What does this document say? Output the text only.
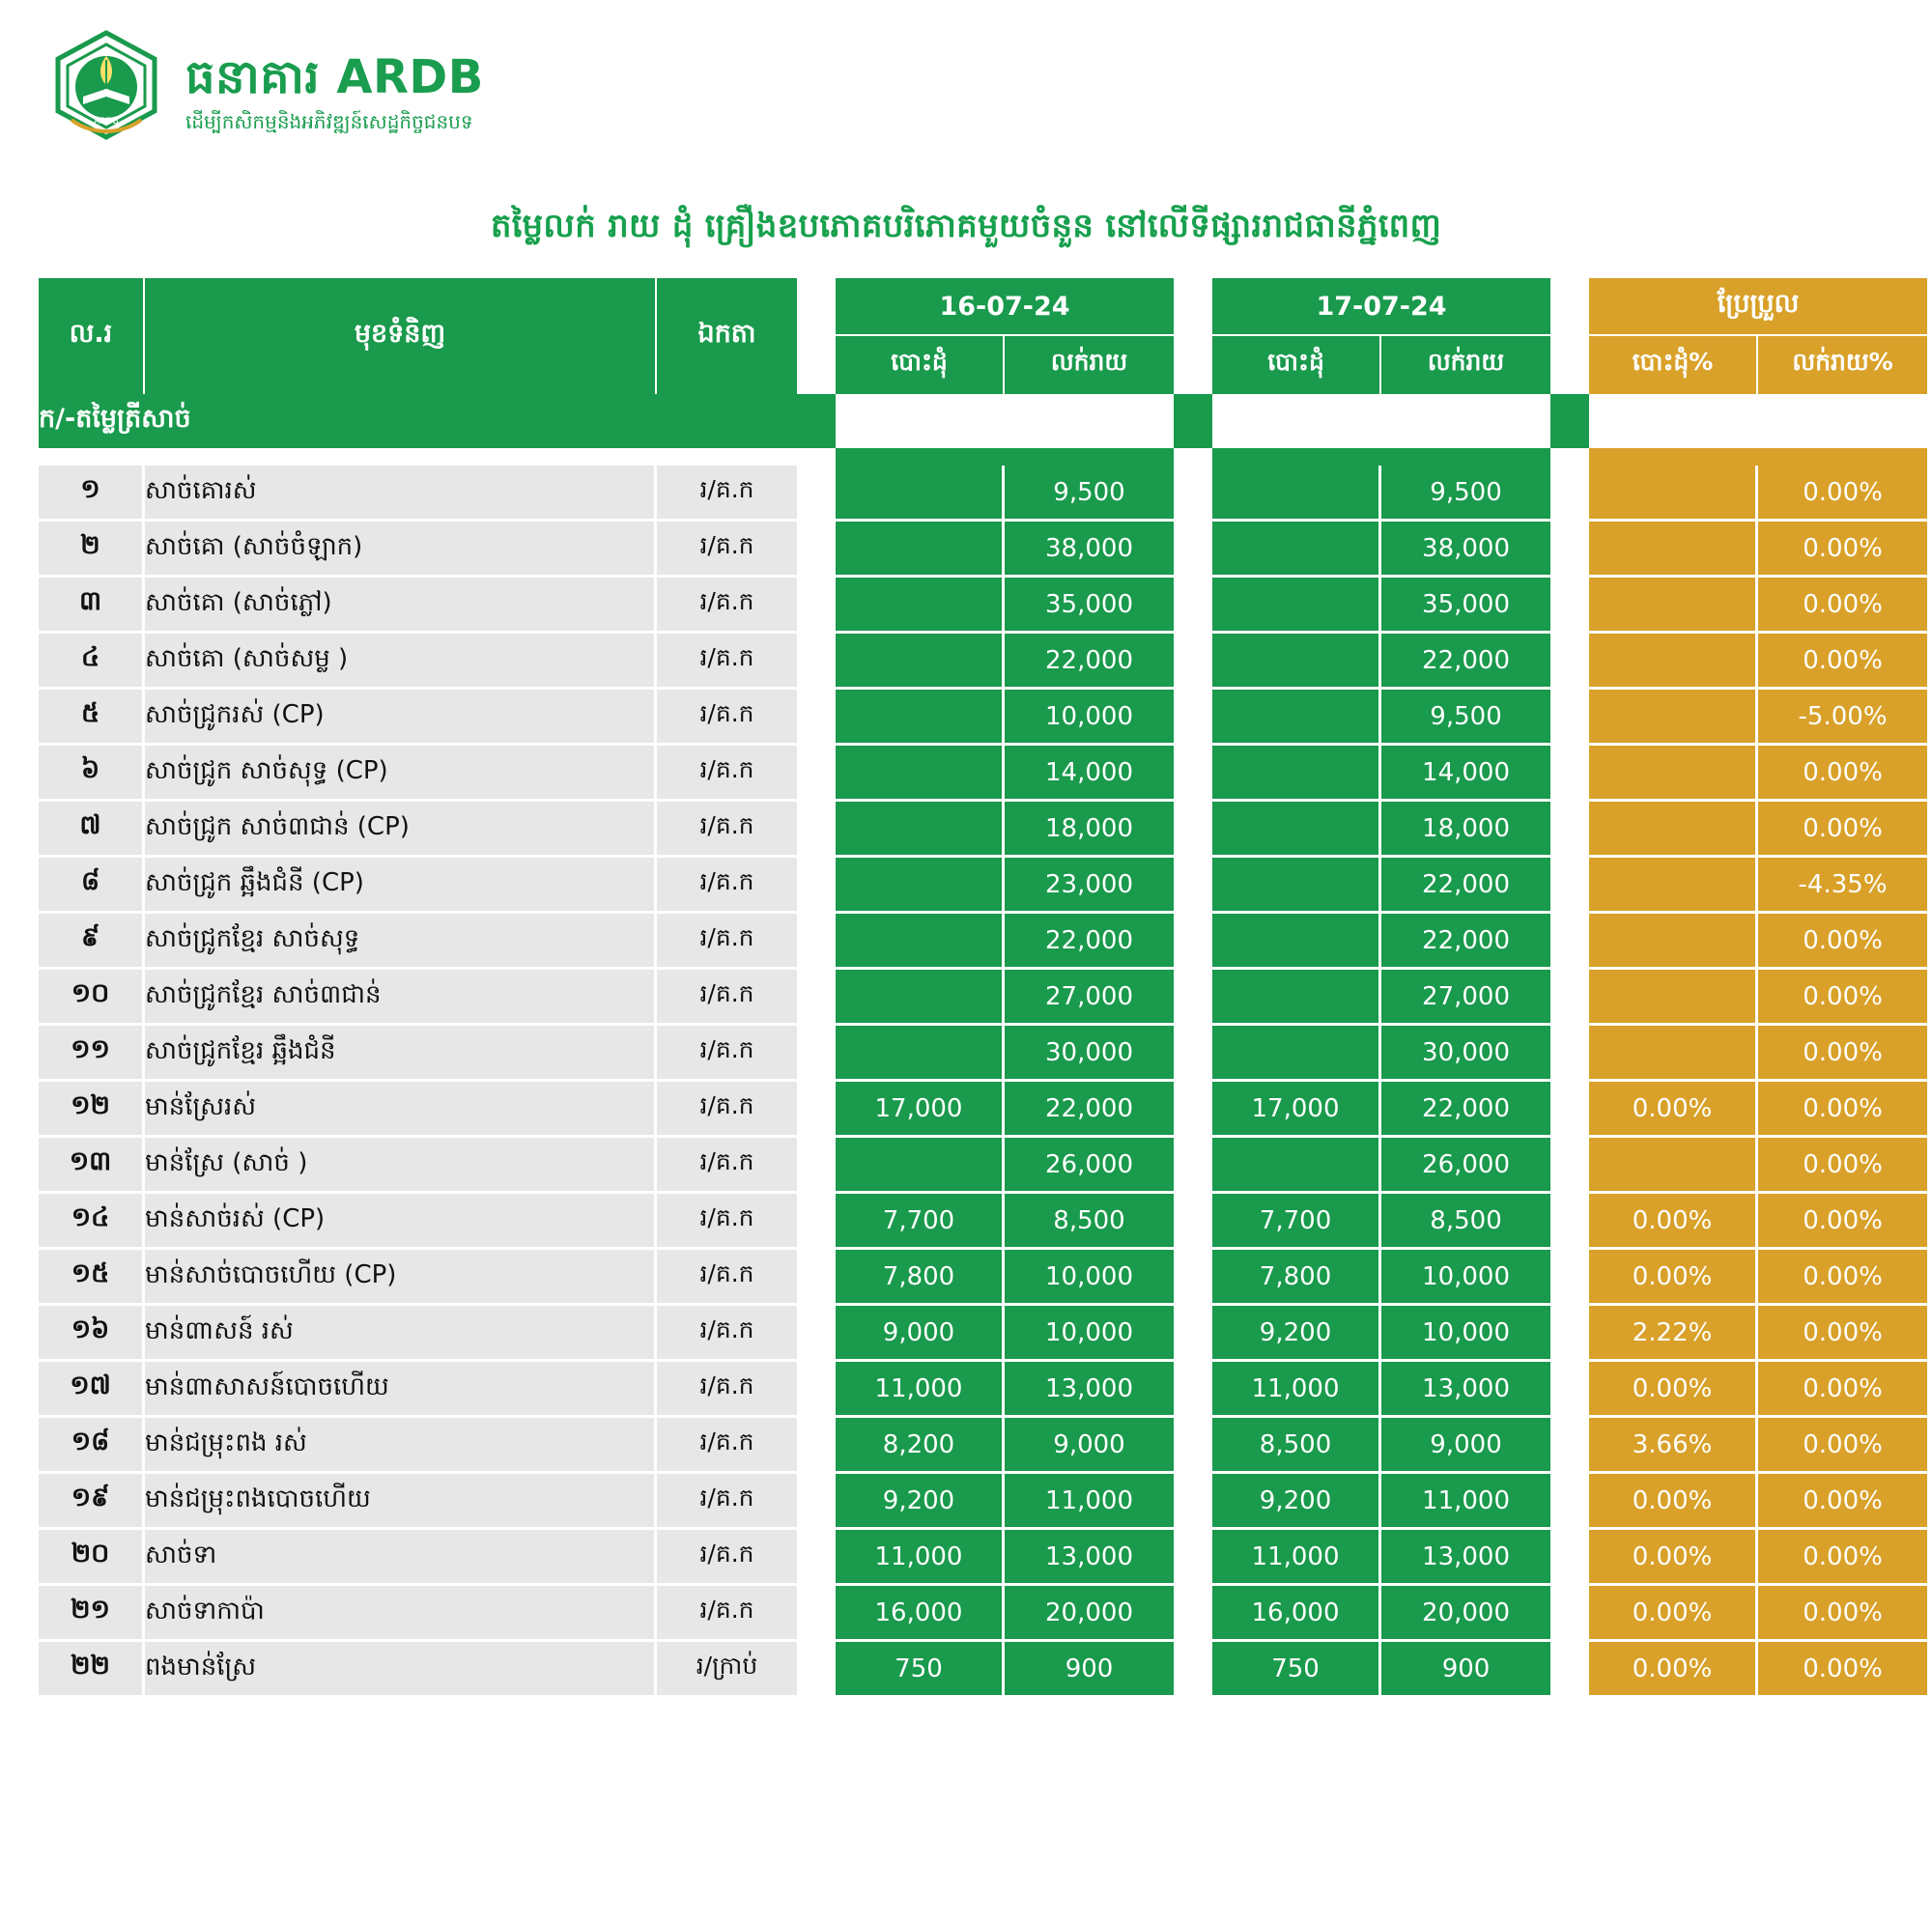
ARDB
ធនាគារ ARDB
ដើម្បីកសិកម្មនិងអភិវឌ្ឍន៍សេដ្ឋកិច្ចជនបទ
តម្លៃលក់ រាយ ដុំ គ្រឿងឧបភោគបរិភោគមួយចំនួន នៅលើទីផ្សាររាជធានីភ្នំពេញ
ល.រ	មុខទំនិញ	ឯកតា		16-07-24			17-07-24			ប្រែប្រួល	
				បោះដុំ	លក់រាយ		បោះដុំ	លក់រាយ		បោះដុំ%	លក់រាយ%
ក/-តម្លៃត្រីសាច់											

១	សាច់គោរស់	រ/គ.ក			9,500			9,500			0.00%
២	សាច់គោ (សាច់ចំឡាក)	រ/គ.ក			38,000			38,000			0.00%
៣	សាច់គោ (សាច់ភ្លៅ)	រ/គ.ក			35,000			35,000			0.00%
៤	សាច់គោ (សាច់សម្ល )	រ/គ.ក			22,000			22,000			0.00%
៥	សាច់ជ្រូករស់ (CP)	រ/គ.ក			10,000			9,500			-5.00%
៦	សាច់ជ្រូក សាច់សុទ្ធ (CP)	រ/គ.ក			14,000			14,000			0.00%
៧	សាច់ជ្រូក សាច់៣ជាន់ (CP)	រ/គ.ក			18,000			18,000			0.00%
៨	សាច់ជ្រូក ឆ្អឹងជំនី (CP)	រ/គ.ក			23,000			22,000			-4.35%
៩	សាច់ជ្រូកខ្មែរ សាច់សុទ្ធ	រ/គ.ក			22,000			22,000			0.00%
១០	សាច់ជ្រូកខ្មែរ សាច់៣ជាន់	រ/គ.ក			27,000			27,000			0.00%
១១	សាច់ជ្រូកខ្មែរ ឆ្អឹងជំនី	រ/គ.ក			30,000			30,000			0.00%
១២	មាន់ស្រែរស់	រ/គ.ក		17,000	22,000		17,000	22,000		0.00%	0.00%
១៣	មាន់ស្រែ (សាច់ )	រ/គ.ក			26,000			26,000			0.00%
១៤	មាន់សាច់រស់ (CP)	រ/គ.ក		7,700	8,500		7,700	8,500		0.00%	0.00%
១៥	មាន់សាច់បោចហើយ (CP)	រ/គ.ក		7,800	10,000		7,800	10,000		0.00%	0.00%
១៦	មាន់៣ាសន៍ រស់	រ/គ.ក		9,000	10,000		9,200	10,000		2.22%	0.00%
១៧	មាន់៣ាសាសន៍បោចហើយ	រ/គ.ក		11,000	13,000		11,000	13,000		0.00%	0.00%
១៨	មាន់ជម្រុះពង រស់	រ/គ.ក		8,200	9,000		8,500	9,000		3.66%	0.00%
១៩	មាន់ជម្រុះពងបោចហើយ	រ/គ.ក		9,200	11,000		9,200	11,000		0.00%	0.00%
២០	សាច់ទា	រ/គ.ក		11,000	13,000		11,000	13,000		0.00%	0.00%
២១	សាច់ទាកាប៉ា	រ/គ.ក		16,000	20,000		16,000	20,000		0.00%	0.00%
២២	ពងមាន់ស្រែ	រ/ក្រាប់		750	900		750	900		0.00%	0.00%
